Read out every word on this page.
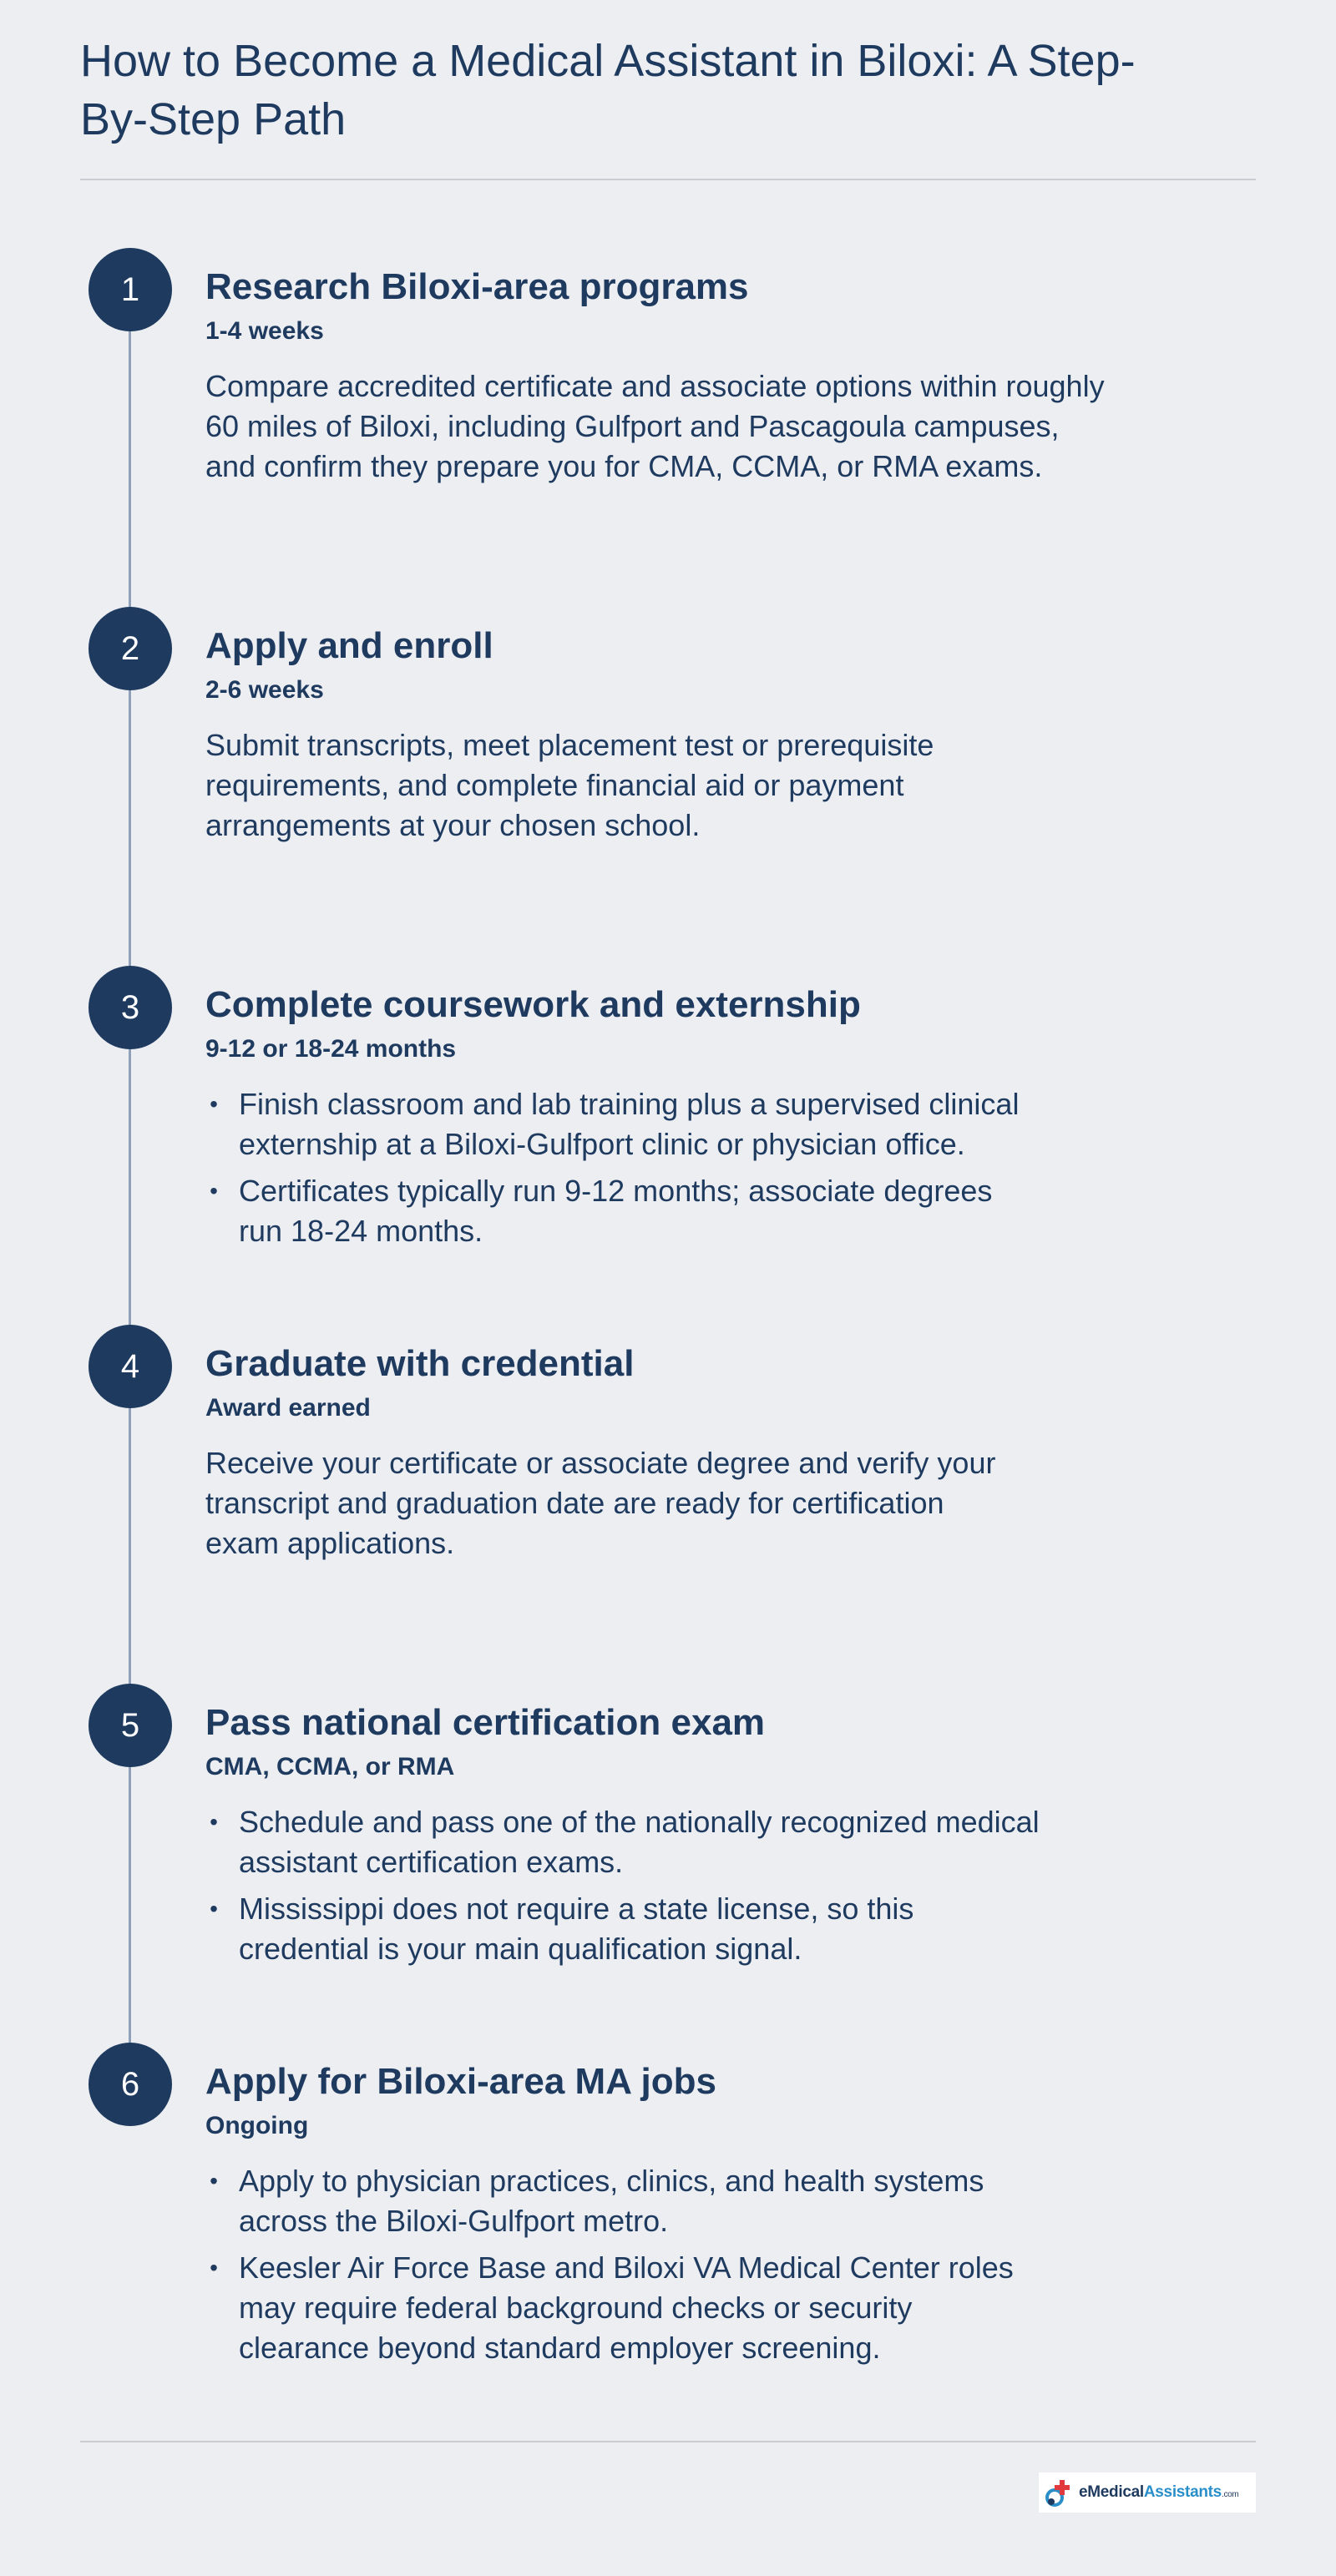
How to Become a Medical Assistant in Biloxi: A Step-By-Step Path
1	Research Biloxi-area programs
1-4 weeks

Compare accredited certificate and associate options within roughly 60 miles of Biloxi, including Gulfport and Pascagoula campuses, and confirm they prepare you for CMA, CCMA, or RMA exams.

2	Apply and enroll
2-6 weeks

Submit transcripts, meet placement test or prerequisite requirements, and complete financial aid or payment arrangements at your chosen school.

3	Complete coursework and externship
9-12 or 18-24 months
• Finish classroom and lab training plus a supervised clinical externship at a Biloxi-Gulfport clinic or physician office.
• Certificates typically run 9-12 months; associate degrees run 18-24 months.
4	Graduate with credential
Award earned

Receive your certificate or associate degree and verify your transcript and graduation date are ready for certification exam applications.

5	Pass national certification exam
CMA, CCMA, or RMA
• Schedule and pass one of the nationally recognized medical assistant certification exams.
• Mississippi does not require a state license, so this credential is your main qualification signal.
6	Apply for Biloxi-area MA jobs
Ongoing
• Apply to physician practices, clinics, and health systems across the Biloxi-Gulfport metro.
• Keesler Air Force Base and Biloxi VA Medical Center roles may require federal background checks or security clearance beyond standard employer screening.
eMedicalAssistants.com
